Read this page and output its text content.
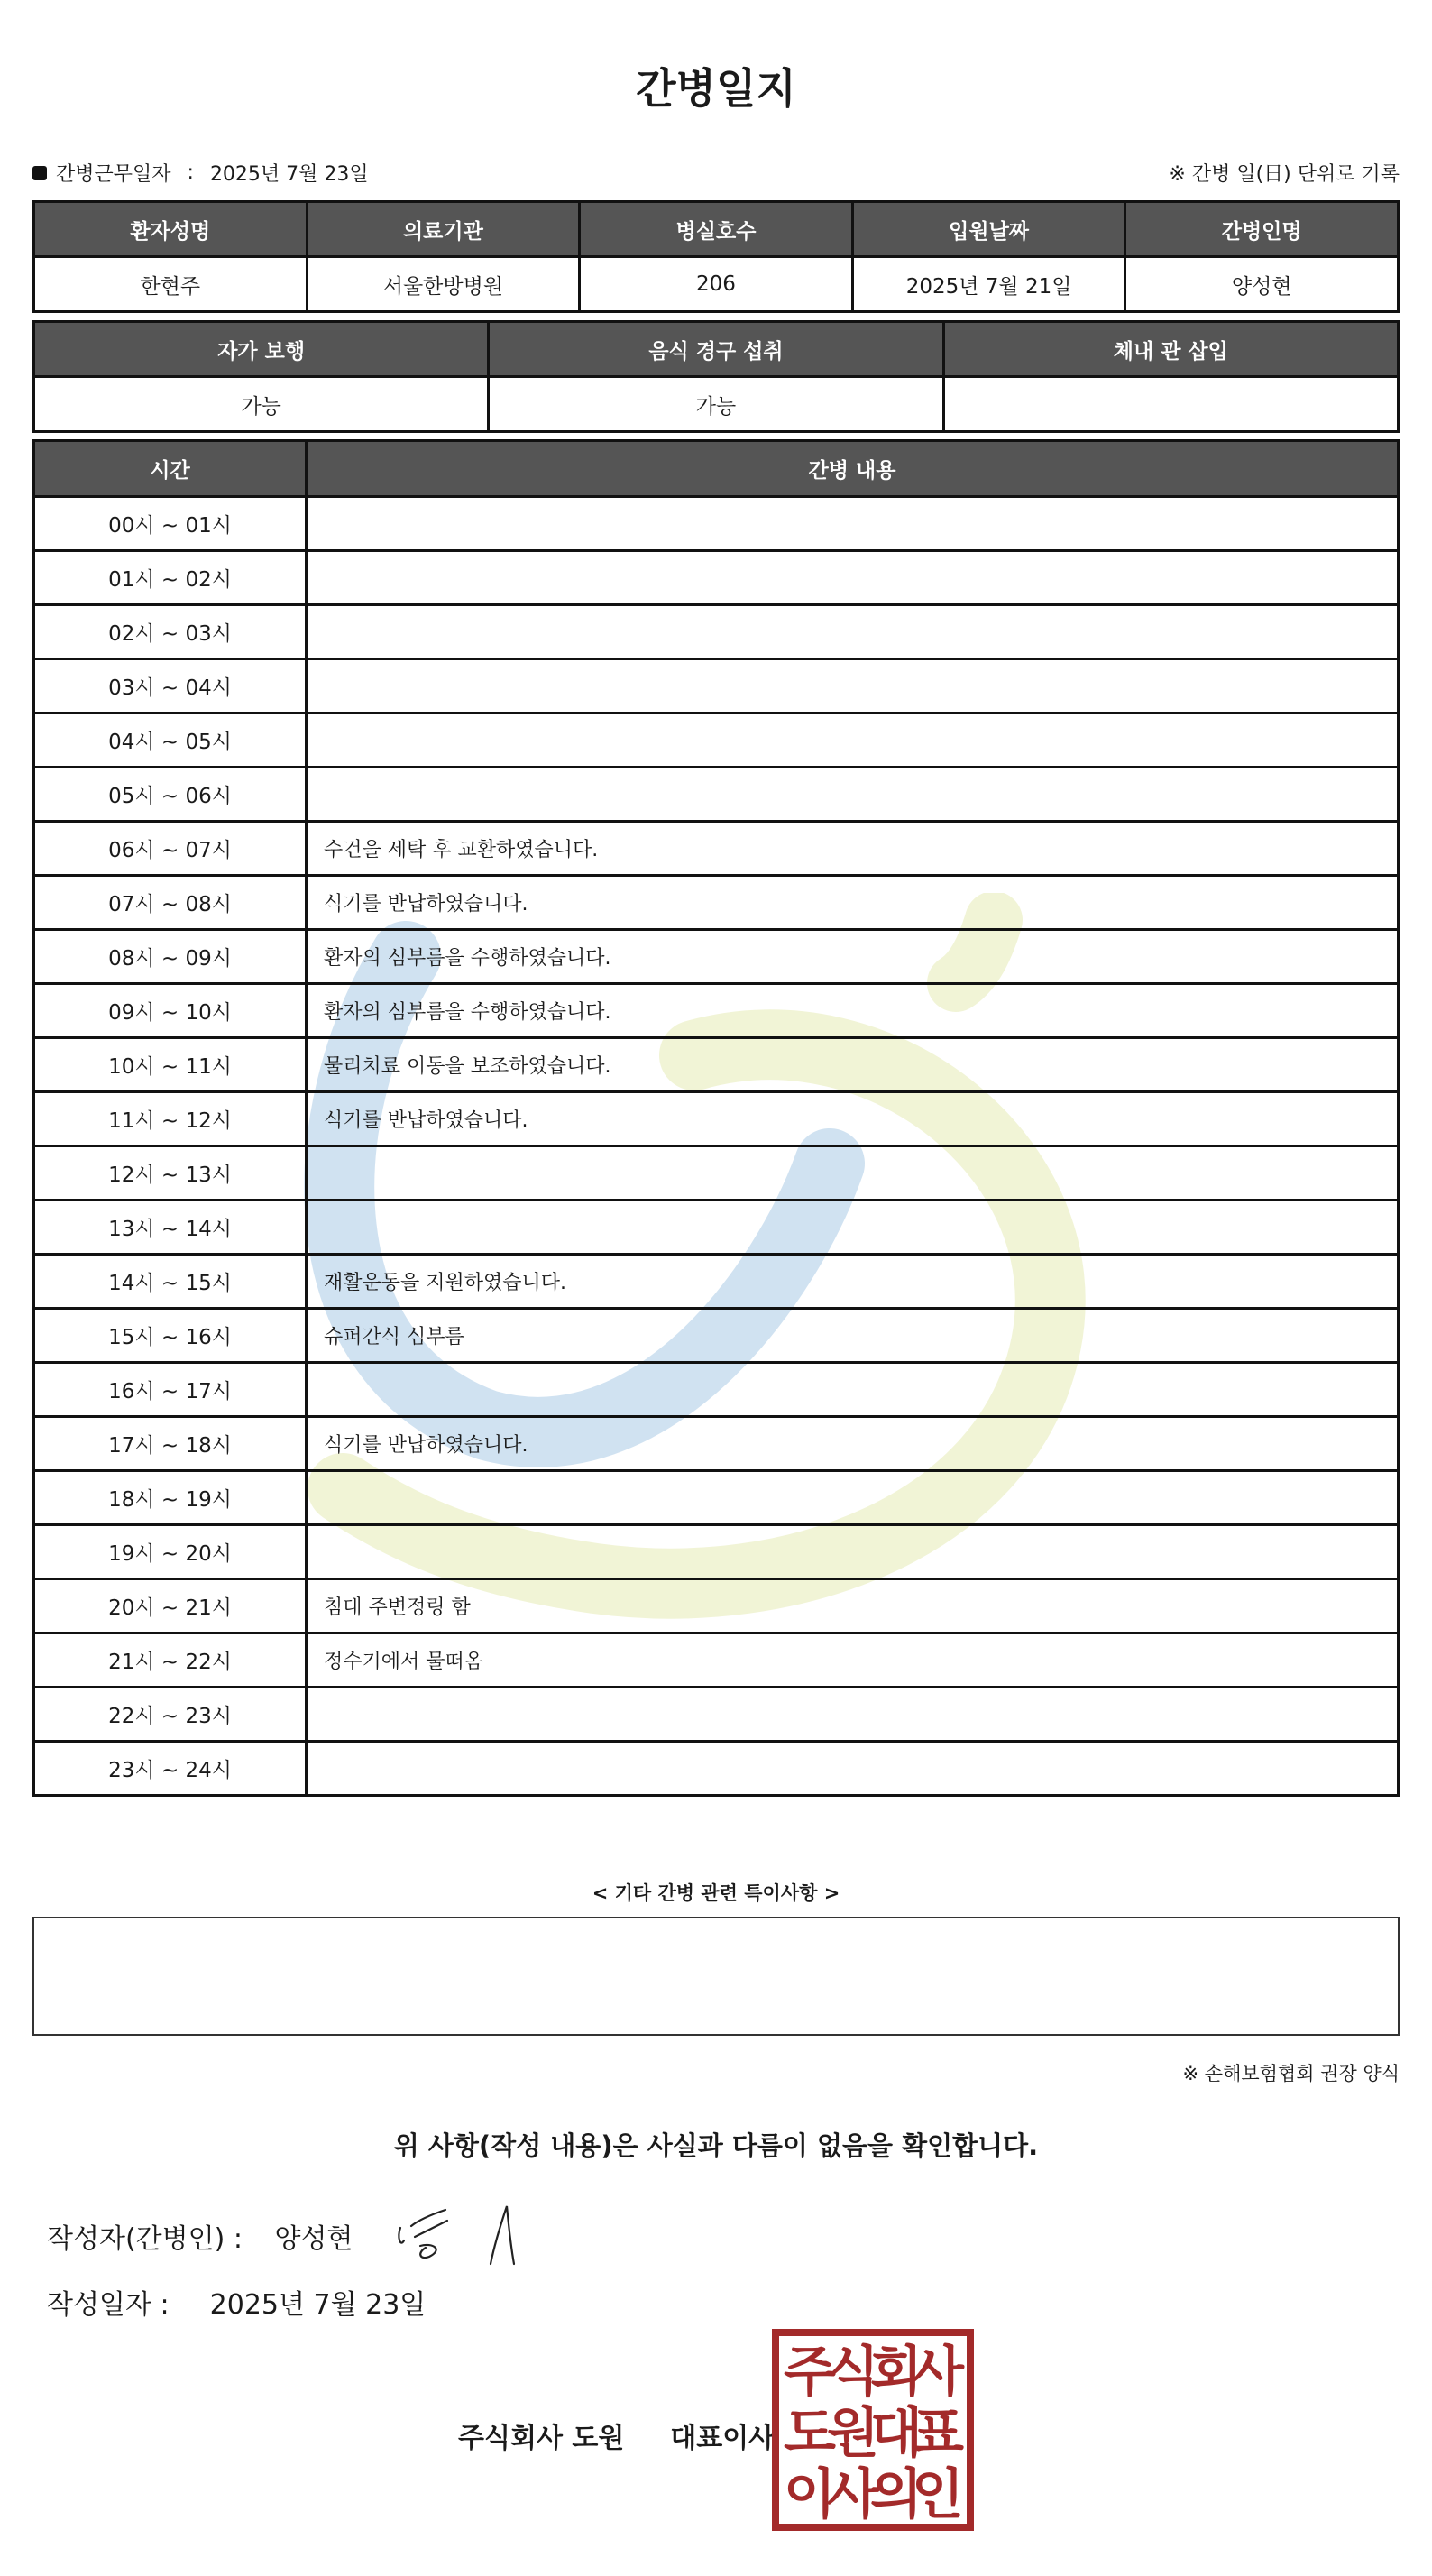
간병일지
간병근무일자 : 2025년 7월 23일	※ 간병 일(日) 단위로 기록
환자성명	의료기관	병실호수	입원날짜	간병인명
한현주	서울한방병원	206	2025년 7월 21일	양성현
자가 보행	음식 경구 섭취	체내 관 삽입
가능	가능	
시간	간병 내용
00시 ~ 01시	
01시 ~ 02시	
02시 ~ 03시	
03시 ~ 04시	
04시 ~ 05시	
05시 ~ 06시	
06시 ~ 07시	수건을 세탁 후 교환하였습니다.
07시 ~ 08시	식기를 반납하였습니다.
08시 ~ 09시	환자의 심부름을 수행하였습니다.
09시 ~ 10시	환자의 심부름을 수행하였습니다.
10시 ~ 11시	물리치료 이동을 보조하였습니다.
11시 ~ 12시	식기를 반납하였습니다.
12시 ~ 13시	
13시 ~ 14시	
14시 ~ 15시	재활운동을 지원하였습니다.
15시 ~ 16시	슈퍼간식 심부름
16시 ~ 17시	
17시 ~ 18시	식기를 반납하였습니다.
18시 ~ 19시	
19시 ~ 20시	
20시 ~ 21시	침대 주변정링 함
21시 ~ 22시	정수기에서 물떠옴
22시 ~ 23시	
23시 ~ 24시	
< 기타 간병 관련 특이사항 >
※ 손해보험협회 권장 양식
위 사항(작성 내용)은 사실과 다름이 없음을 확인합니다.
작성자(간병인) : 양성현
작성일자 : 2025년 7월 23일
주식회사 도원 대표이사
주
식
회
사
도
원
대
표
이
사
의
인
